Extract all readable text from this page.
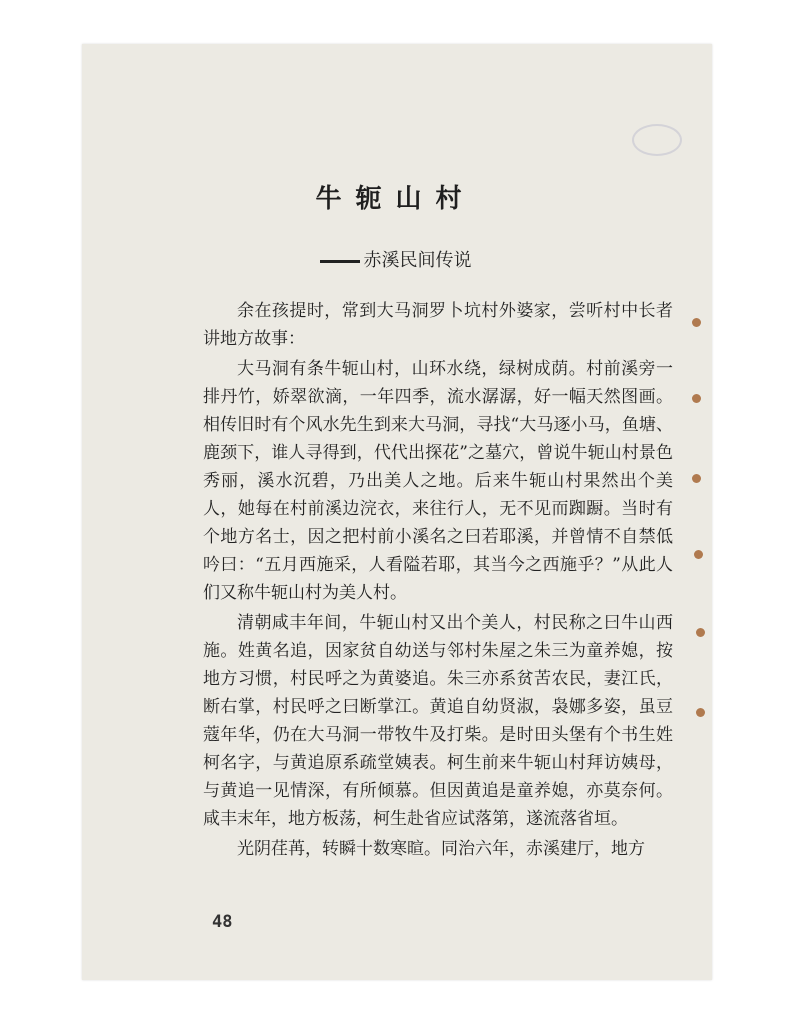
牛轭山村
赤溪民间传说

余在孩提时，常到大马洞罗卜坑村外婆家，尝听村中长者讲地方故事：

大马洞有条牛轭山村，山环水绕，绿树成荫。村前溪旁一排丹竹，娇翠欲滴，一年四季，流水潺潺，好一幅天然图画。相传旧时有个风水先生到来大马洞，寻找“大马逐小马，鱼塘、鹿颈下，谁人寻得到，代代出探花”之墓穴，曾说牛轭山村景色秀丽，溪水沉碧，乃出美人之地。后来牛轭山村果然出个美人，她每在村前溪边浣衣，来往行人，无不见而踟蹰。当时有个地方名士，因之把村前小溪名之曰若耶溪，并曾情不自禁低吟曰：“五月西施采，人看隘若耶，其当今之西施乎？”从此人们又称牛轭山村为美人村。

清朝咸丰年间，牛轭山村又出个美人，村民称之曰牛山西施。姓黄名追，因家贫自幼送与邻村朱屋之朱三为童养媳，按地方习惯，村民呼之为黄婆追。朱三亦系贫苦农民，妻江氏，断右掌，村民呼之曰断掌江。黄追自幼贤淑，袅娜多姿，虽豆蔻年华，仍在大马洞一带牧牛及打柴。是时田头堡有个书生姓柯名字，与黄追原系疏堂姨表。柯生前来牛轭山村拜访姨母，与黄追一见情深，有所倾慕。但因黄追是童养媳，亦莫奈何。咸丰末年，地方板荡，柯生赴省应试落第，遂流落省垣。

光阴荏苒，转瞬十数寒暄。同治六年，赤溪建厅，地方

48
